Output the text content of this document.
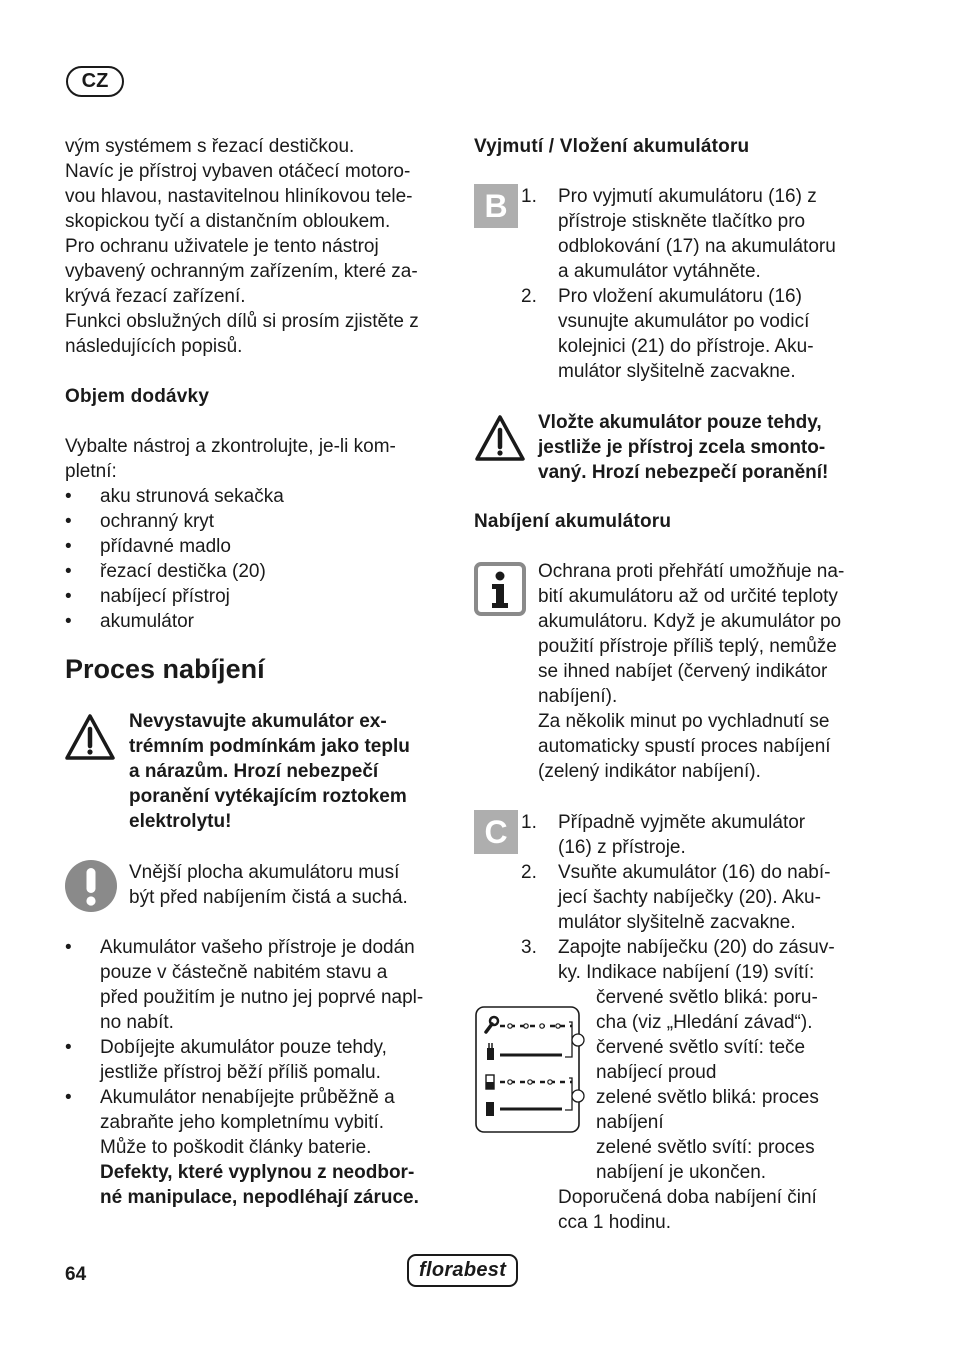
CZ
vým systémem s řezací destičkou.
Navíc je přístroj vybaven otáčecí motoro-
vou hlavou, nastavitelnou hliníkovou tele-
skopickou tyčí a distančním obloukem.
Pro ochranu uživatele je tento nástroj
vybavený ochranným zařízením, které za-
krývá řezací zařízení.
Funkci obslužných dílů si prosím zjistěte z
následujících popisů.
Objem dodávky
Vybalte nástroj a zkontrolujte, je-li kom-
pletní:
• aku strunová sekačka
• ochranný kryt
• přídavné madlo
• řezací destička (20)
• nabíjecí přístroj
• akumulátor
Proces nabíjení
Nevystavujte akumulátor ex-
trémním podmínkám jako teplu
a nárazům. Hrozí nebezpečí
poranění vytékajícím roztokem
elektrolytu!
Vnější plocha akumulátoru musí
být před nabíjením čistá a suchá.
• Akumulátor vašeho přístroje je dodán
pouze v částečně nabitém stavu a
před použitím je nutno jej poprvé napl-
no nabít.
• Dobíjejte akumulátor pouze tehdy,
jestliže přístroj běží příliš pomalu.
• Akumulátor nenabíjejte průběžně a
zabraňte jeho kompletnímu vybití.
Může to poškodit články baterie.
Defekty, které vyplynou z neodbor-
né manipulace, nepodléhají záruce.
Vyjmutí / Vložení akumulátoru
B 1. Pro vyjmutí akumulátoru (16) z
přístroje stiskněte tlačítko pro
odblokování (17) na akumulátoru
a akumulátor vytáhněte.
2. Pro vložení akumulátoru (16)
vsunujte akumulátor po vodicí
kolejnici (21) do přístroje. Aku-
mulátor slyšitelně zacvakne.
Vložte akumulátor pouze tehdy,
jestliže je přístroj zcela smonto-
vaný. Hrozí nebezpečí poranění!
Nabíjení akumulátoru
Ochrana proti přehřátí umožňuje na-
bití akumulátoru až od určité teploty
akumulátoru. Když je akumulátor po
použití přístroje příliš teplý, nemůže
se ihned nabíjet (červený indikátor
nabíjení).
Za několik minut po vychladnutí se
automaticky spustí proces nabíjení
(zelený indikátor nabíjení).
C 1. Případně vyjměte akumulátor
(16) z přístroje.
2. Vsuňte akumulátor (16) do nabí-
jecí šachty nabíječky (20). Aku-
mulátor slyšitelně zacvakne.
3. Zapojte nabíječku (20) do zásuv-
ky. Indikace nabíjení (19) svítí:
červené světlo bliká: poru-
cha (viz „Hledání závad“).
červené světlo svítí: teče
nabíjecí proud
zelené světlo bliká: proces
nabíjení
zelené světlo svítí: proces
nabíjení je ukončen.
Doporučená doba nabíjení činí
cca 1 hodinu.
64	florabest
